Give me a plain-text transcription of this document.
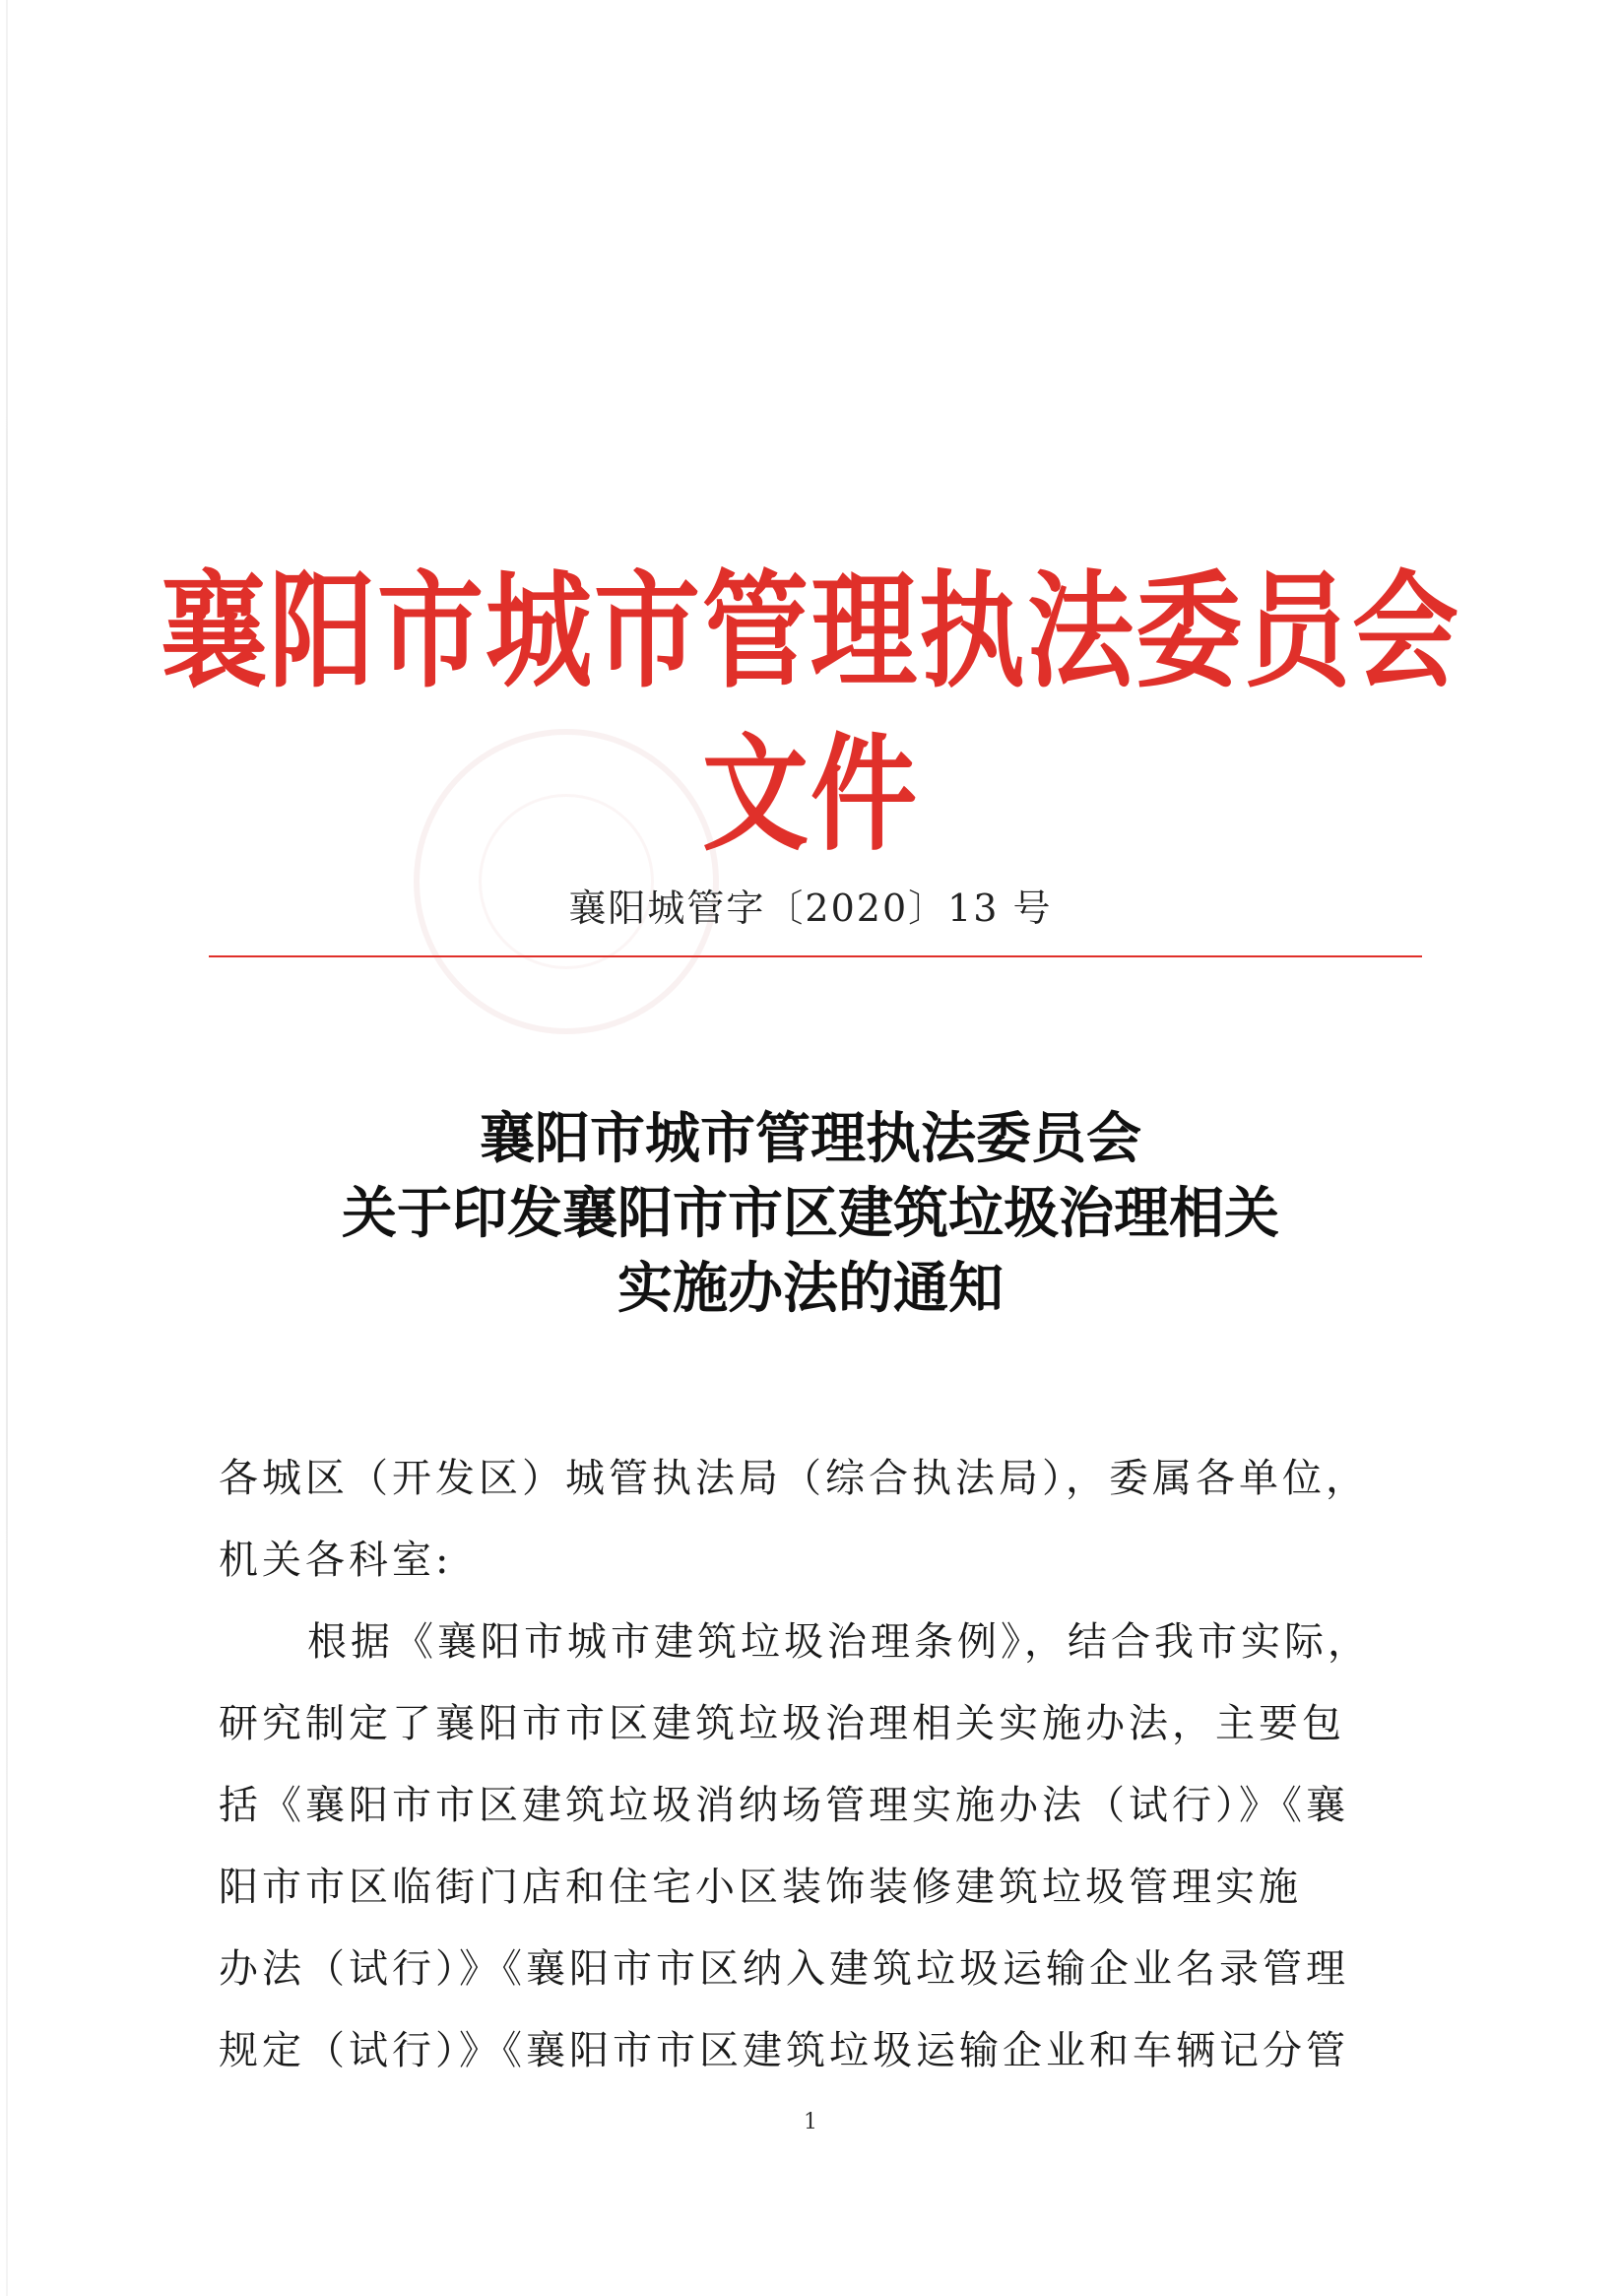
襄阳市城市管理执法委员会文件
襄阳城管字〔2020〕13 号
襄阳市城市管理执法委员会
关于印发襄阳市市区建筑垃圾治理相关
实施办法的通知

各城区（开发区）城管执法局（综合执法局），委属各单位，

机关各科室:

根据《襄阳市城市建筑垃圾治理条例》，结合我市实际，

研究制定了襄阳市市区建筑垃圾治理相关实施办法，主要包

括《襄阳市市区建筑垃圾消纳场管理实施办法（试行）》《襄

阳市市区临街门店和住宅小区装饰装修建筑垃圾管理实施

办法（试行）》《襄阳市市区纳入建筑垃圾运输企业名录管理

规定（试行）》《襄阳市市区建筑垃圾运输企业和车辆记分管

1
